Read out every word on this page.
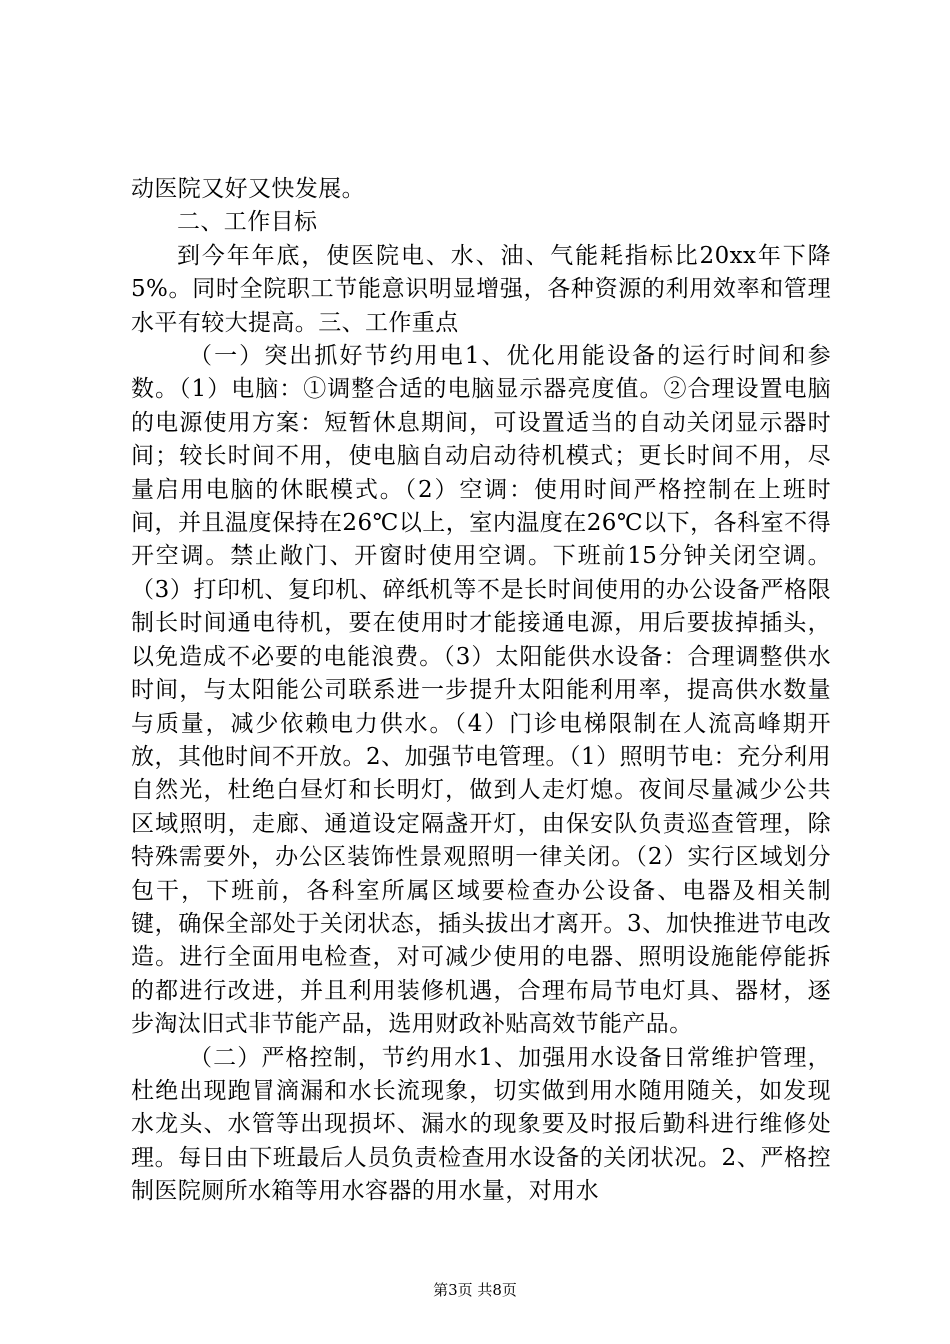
动医院又好又快发展。

二、工作目标

到今年年底，使医院电、水、油、气能耗指标比20xx年下降5%。同时全院职工节能意识明显增强，各种资源的利用效率和管理水平有较大提高。三、工作重点

（一）突出抓好节约用电1、优化用能设备的运行时间和参数。（1）电脑：①调整合适的电脑显示器亮度值。②合理设置电脑的电源使用方案：短暂休息期间，可设置适当的自动关闭显示器时间；较长时间不用，使电脑自动启动待机模式；更长时间不用，尽量启用电脑的休眠模式。（2）空调：使用时间严格控制在上班时间，并且温度保持在26℃以上，室内温度在26℃以下，各科室不得开空调。禁止敞门、开窗时使用空调。下班前15分钟关闭空调。（3）打印机、复印机、碎纸机等不是长时间使用的办公设备严格限制长时间通电待机，要在使用时才能接通电源，用后要拔掉插头，以免造成不必要的电能浪费。（3）太阳能供水设备：合理调整供水时间，与太阳能公司联系进一步提升太阳能利用率，提高供水数量与质量，减少依赖电力供水。（4）门诊电梯限制在人流高峰期开放，其他时间不开放。2、加强节电管理。（1）照明节电：充分利用自然光，杜绝白昼灯和长明灯，做到人走灯熄。夜间尽量减少公共区域照明，走廊、通道设定隔盏开灯，由保安队负责巡查管理，除特殊需要外，办公区装饰性景观照明一律关闭。（2）实行区域划分包干，下班前，各科室所属区域要检查办公设备、电器及相关制键，确保全部处于关闭状态，插头拔出才离开。3、加快推进节电改造。进行全面用电检查，对可减少使用的电器、照明设施能停能拆的都进行改进，并且利用装修机遇，合理布局节电灯具、器材，逐步淘汰旧式非节能产品，选用财政补贴高效节能产品。

（二）严格控制，节约用水1、加强用水设备日常维护管理，杜绝出现跑冒滴漏和水长流现象，切实做到用水随用随关，如发现水龙头、水管等出现损坏、漏水的现象要及时报后勤科进行维修处理。每日由下班最后人员负责检查用水设备的关闭状况。2、严格控制医院厕所水箱等用水容器的用水量，对用水

第3页 共8页
